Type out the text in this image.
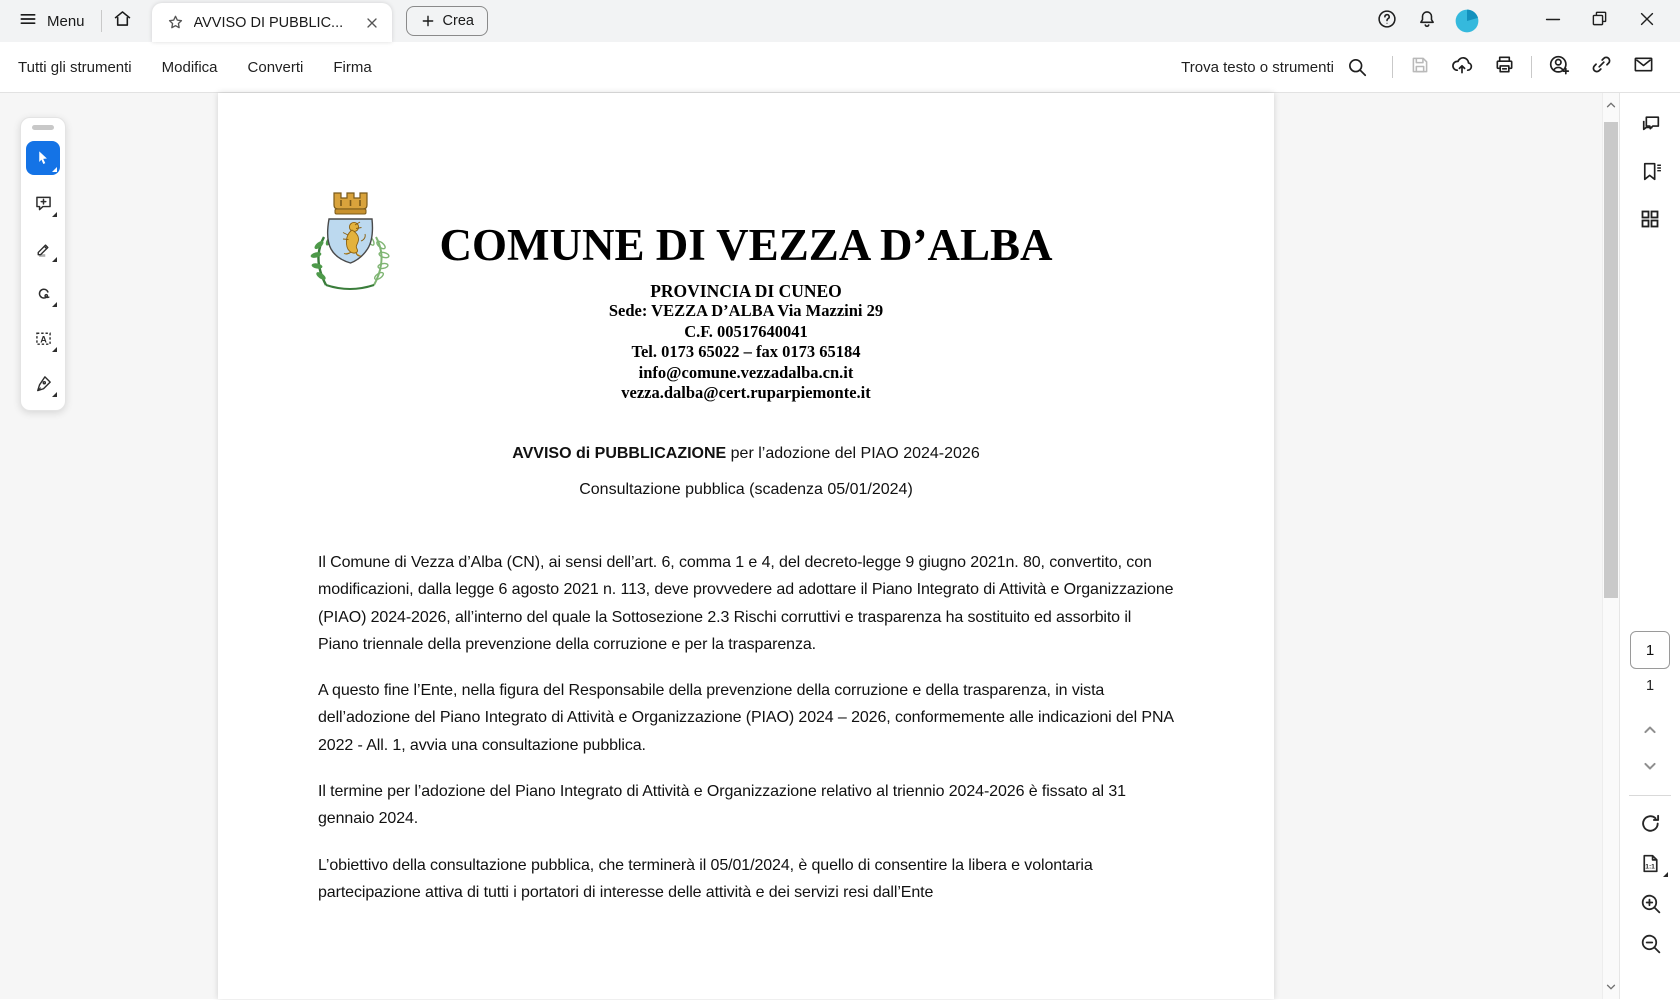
Menu	AVVISO DI PUBBLIC...	Crea
Tutti gli strumenti Modifica Converti Firma	Trova testo o strumenti
A
COMUNE DI VEZZA D’ALBA
PROVINCIA DI CUNEO
Sede: VEZZA D’ALBA Via Mazzini 29
C.F. 00517640041
Tel. 0173 65022 – fax 0173 65184
info@comune.vezzadalba.cn.it
vezza.dalba@cert.ruparpiemonte.it
AVVISO di PUBBLICAZIONE per l’adozione del PIAO 2024-2026
Consultazione pubblica (scadenza 05/01/2024)

Il Comune di Vezza d’Alba (CN), ai sensi dell’art. 6, comma 1 e 4, del decreto-legge 9 giugno 2021n. 80, convertito, con modificazioni, dalla legge 6 agosto 2021 n. 113, deve provvedere ad adottare il Piano Integrato di Attività e Organizzazione (PIAO) 2024-2026, all’interno del quale la Sottosezione 2.3 Rischi corruttivi e trasparenza ha sostituito ed assorbito il Piano triennale della prevenzione della corruzione e per la trasparenza.

A questo fine l’Ente, nella figura del Responsabile della prevenzione della corruzione e della trasparenza, in vista dell’adozione del Piano Integrato di Attività e Organizzazione (PIAO) 2024 – 2026, conformemente alle indicazioni del PNA 2022 - All. 1, avvia una consultazione pubblica.

Il termine per l’adozione del Piano Integrato di Attività e Organizzazione relativo al triennio 2024-2026 è fissato al 31 gennaio 2024.

L’obiettivo della consultazione pubblica, che terminerà il 05/01/2024, è quello di consentire la libera e volontaria partecipazione attiva di tutti i portatori di interesse delle attività e dei servizi resi dall’Ente

1
1
1:1
